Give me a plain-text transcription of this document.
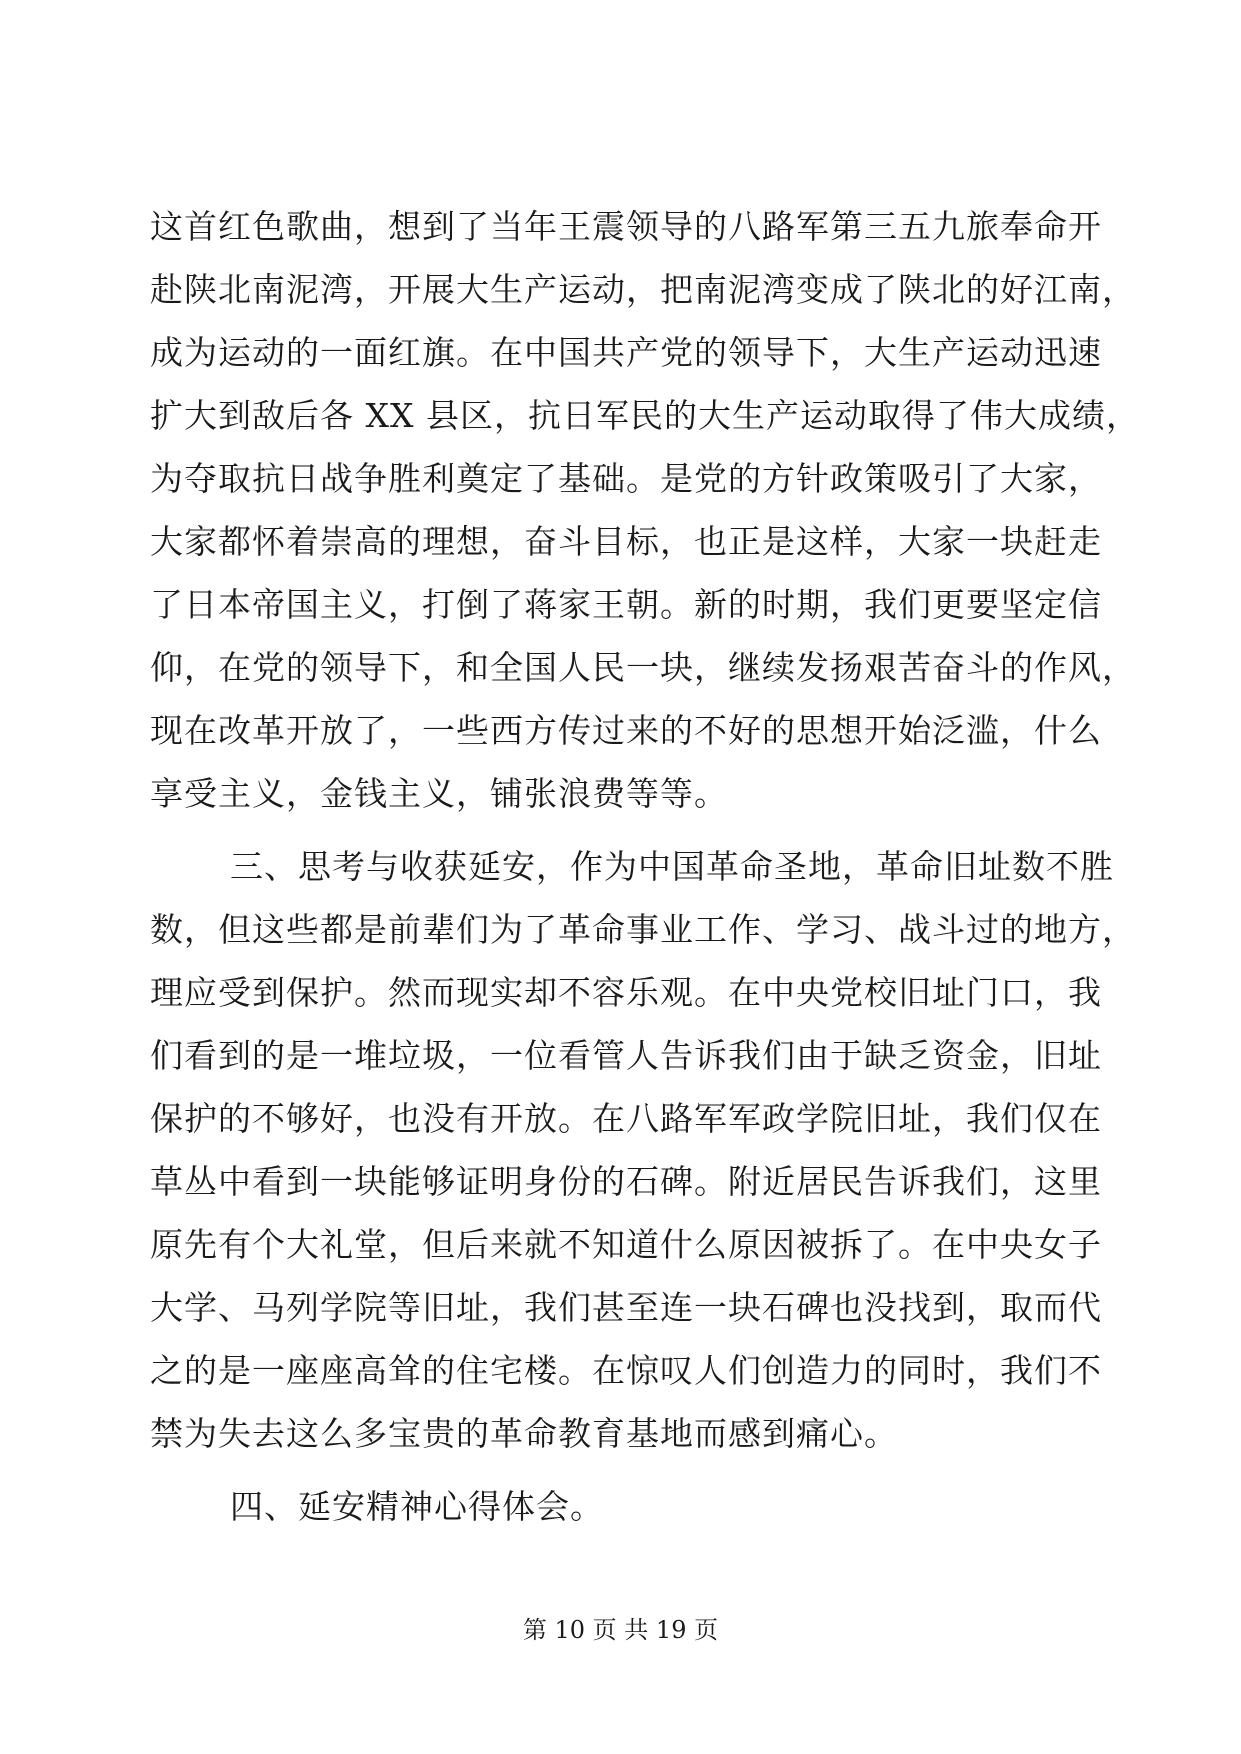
这首红色歌曲，想到了当年王震领导的八路军第三五九旅奉命开
赴陕北南泥湾，开展大生产运动，把南泥湾变成了陕北的好江南，
成为运动的一面红旗。在中国共产党的领导下，大生产运动迅速
扩大到敌后各 XX 县区，抗日军民的大生产运动取得了伟大成绩，
为夺取抗日战争胜利奠定了基础。是党的方针政策吸引了大家，
大家都怀着崇高的理想，奋斗目标，也正是这样，大家一块赶走
了日本帝国主义，打倒了蒋家王朝。新的时期，我们更要坚定信
仰，在党的领导下，和全国人民一块，继续发扬艰苦奋斗的作风，
现在改革开放了，一些西方传过来的不好的思想开始泛滥，什么
享受主义，金钱主义，铺张浪费等等。
三、思考与收获延安，作为中国革命圣地，革命旧址数不胜
数，但这些都是前辈们为了革命事业工作、学习、战斗过的地方，
理应受到保护。然而现实却不容乐观。在中央党校旧址门口，我
们看到的是一堆垃圾，一位看管人告诉我们由于缺乏资金，旧址
保护的不够好，也没有开放。在八路军军政学院旧址，我们仅在
草丛中看到一块能够证明身份的石碑。附近居民告诉我们，这里
原先有个大礼堂，但后来就不知道什么原因被拆了。在中央女子
大学、马列学院等旧址，我们甚至连一块石碑也没找到，取而代
之的是一座座高耸的住宅楼。在惊叹人们创造力的同时，我们不
禁为失去这么多宝贵的革命教育基地而感到痛心。
四、延安精神心得体会。
第 10 页 共 19 页
